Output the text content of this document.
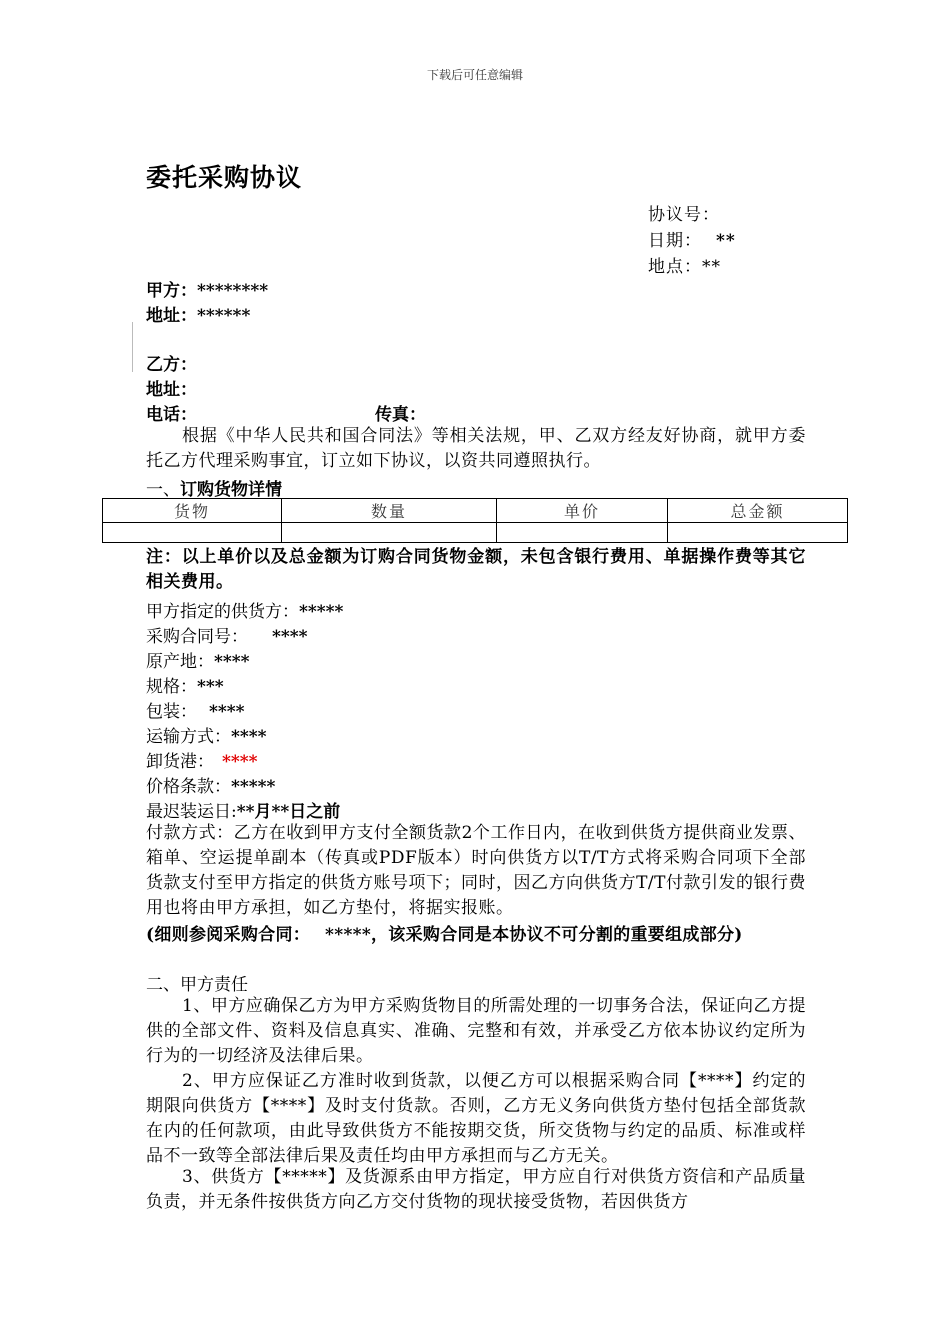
下载后可任意编辑
委托采购协议
协议号：
日期： **
地点：**
甲方：********
地址：******
乙方：
地址：
电话：	传真：
根据《中华人民共和国合同法》等相关法规，甲、乙双方经友好协商，就甲方委托乙方代理采购事宜，订立如下协议，以资共同遵照执行。
一、订购货物详情
货物	数量	单价	总金额

注：以上单价以及总金额为订购合同货物金额，未包含银行费用、单据操作费等其它相关费用。
甲方指定的供货方：*****
采购合同号： ****
原产地：****
规格：***
包装： ****
运输方式：****
卸货港： ****
价格条款：*****
最迟装运日:**月**日之前
付款方式：乙方在收到甲方支付全额货款2个工作日内，在收到供货方提供商业发票、箱单、空运提单副本（传真或PDF版本）时向供货方以T/T方式将采购合同项下全部货款支付至甲方指定的供货方账号项下；同时，因乙方向供货方T/T付款引发的银行费用也将由甲方承担，如乙方垫付，将据实报账。
(细则参阅采购合同：　 *****，该采购合同是本协议不可分割的重要组成部分)
二、甲方责任
1、甲方应确保乙方为甲方采购货物目的所需处理的一切事务合法，保证向乙方提供的全部文件、资料及信息真实、准确、完整和有效，并承受乙方依本协议约定所为行为的一切经济及法律后果。
2、甲方应保证乙方准时收到货款，以便乙方可以根据采购合同【****】约定的期限向供货方【****】及时支付货款。否则，乙方无义务向供货方垫付包括全部货款在内的任何款项，由此导致供货方不能按期交货，所交货物与约定的品质、标准或样品不一致等全部法律后果及责任均由甲方承担而与乙方无关。
3、供货方【*****】及货源系由甲方指定，甲方应自行对供货方资信和产品质量负责，并无条件按供货方向乙方交付货物的现状接受货物，若因供货方
